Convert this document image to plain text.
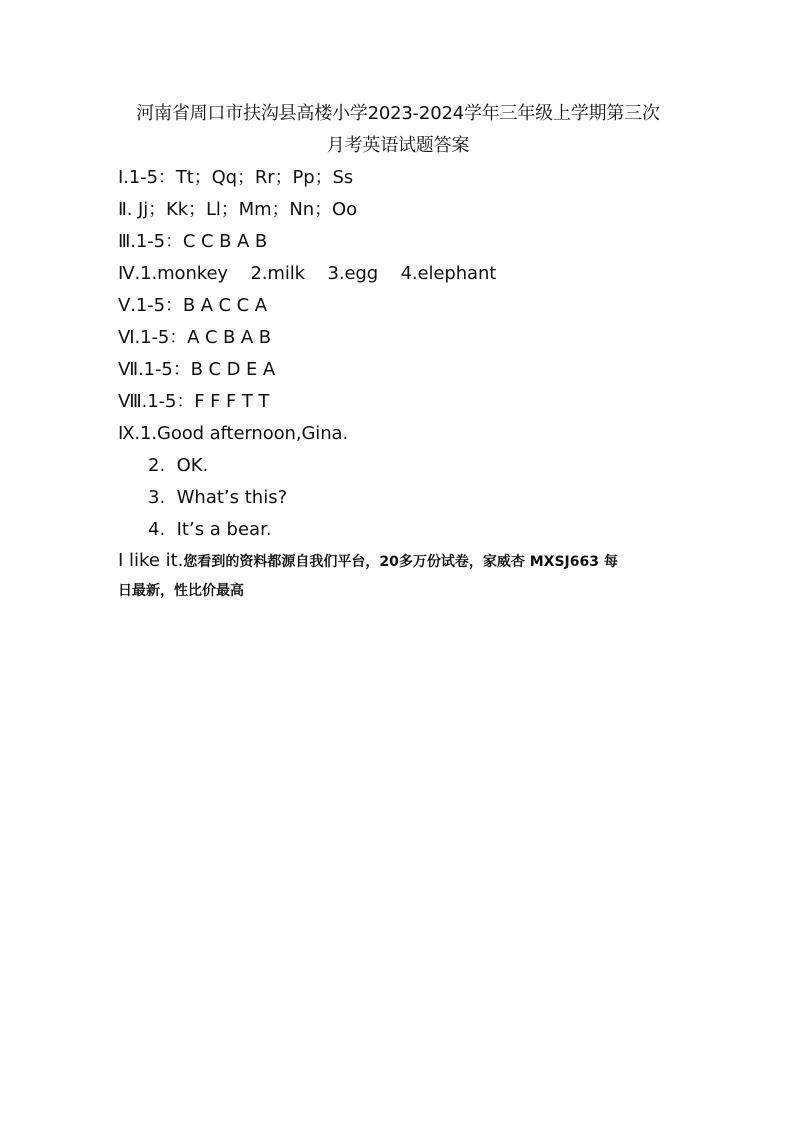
河南省周口市扶沟县高楼小学2023-2024学年三年级上学期第三次
月考英语试题答案
Ⅰ.1-5：Tt；Qq；Rr；Pp；Ss
Ⅱ. Jj；Kk；Ll；Mm；Nn；Oo
Ⅲ.1-5：C C B A B
Ⅳ.1.monkey    2.milk    3.egg    4.elephant
Ⅴ.1-5：B A C C A
Ⅵ.1-5：A C B A B
Ⅶ.1-5：B C D E A
Ⅷ.1-5：F F F T T
Ⅸ.1.Good afternoon,Gina.
2.  OK.
3.  What’s this?
4.  It’s a bear.
I like it.您看到的资料都源自我们平台，20多万份试卷，家威杏 MXSJ663 每
日最新，性比价最高
